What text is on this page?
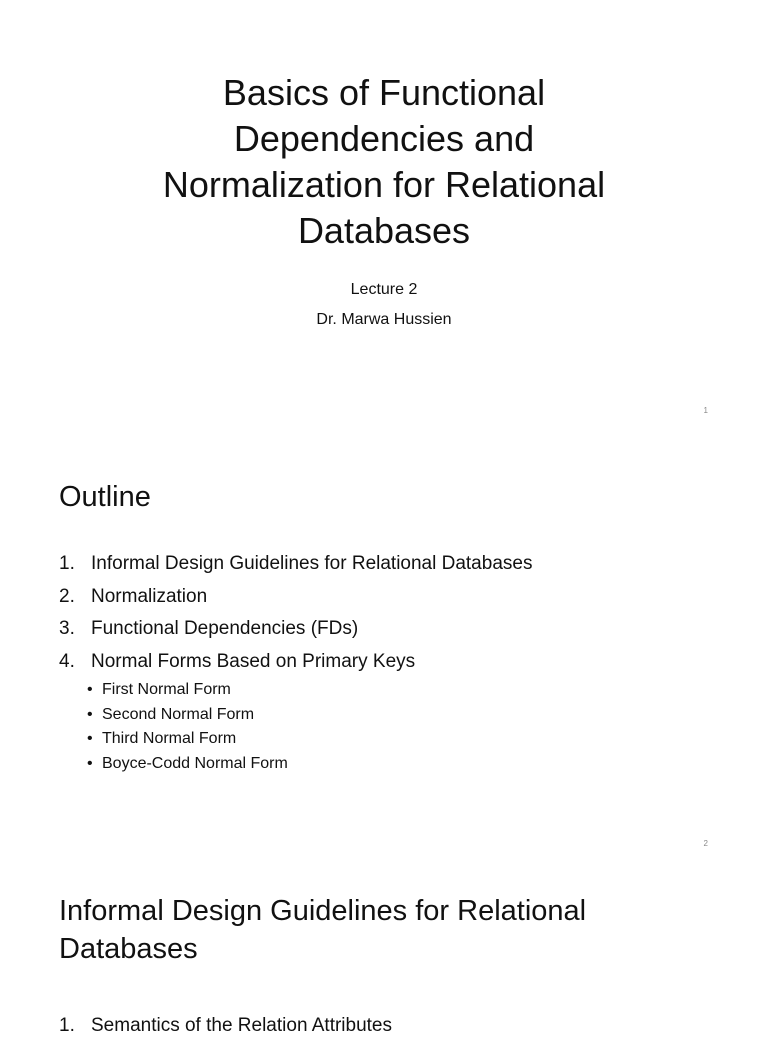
Basics of Functional
Dependencies and
Normalization for Relational
Databases
Lecture 2
Dr. Marwa Hussien
1
Outline
1. Informal Design Guidelines for Relational Databases
2. Normalization
3. Functional Dependencies (FDs)
4. Normal Forms Based on Primary Keys
• First Normal Form
• Second Normal Form
• Third Normal Form
• Boyce-Codd Normal Form
2
Informal Design Guidelines for Relational
Databases
1. Semantics of the Relation Attributes
